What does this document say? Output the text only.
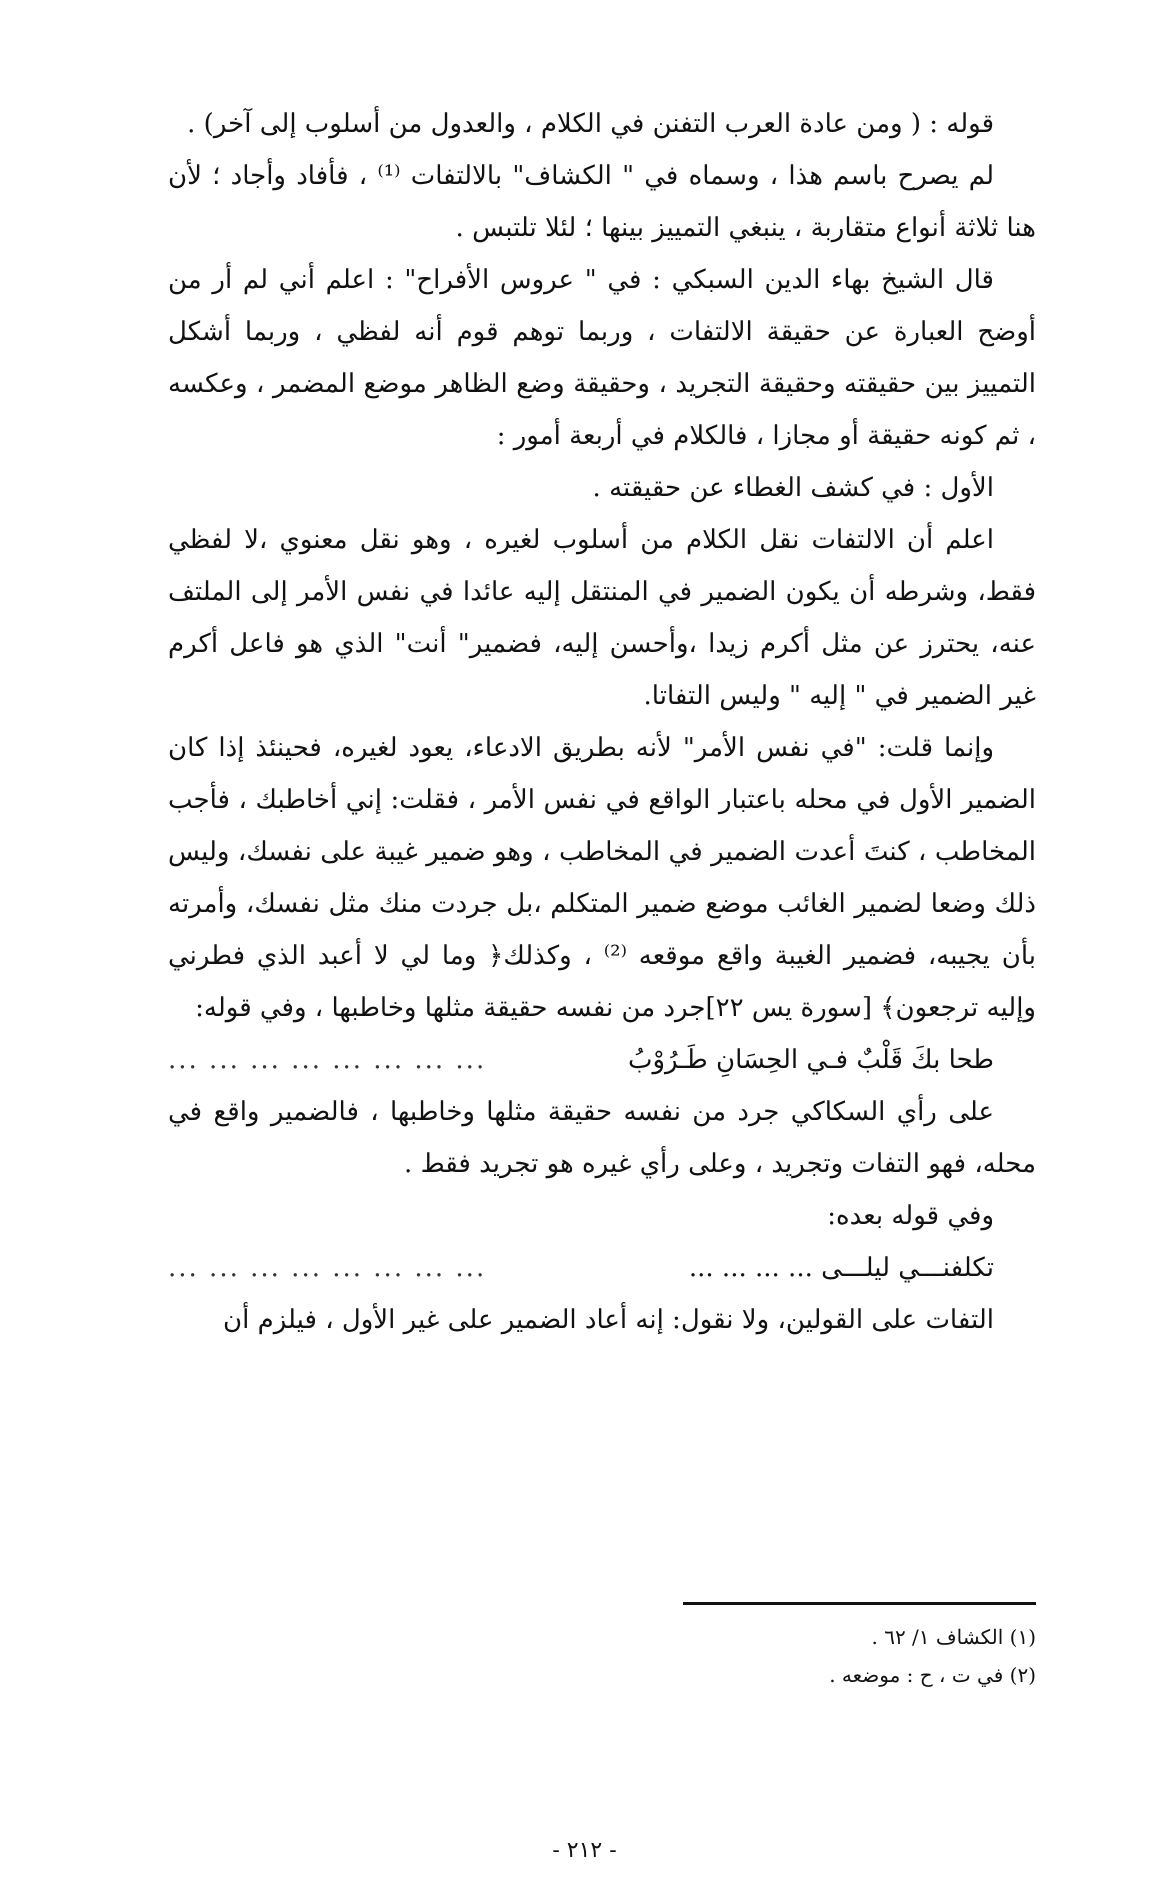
قوله : ( ومن عادة العرب التفنن في الكلام ، والعدول من أسلوب إلى آخر) .

لم يصرح باسم هذا ، وسماه في " الكشاف" بالالتفات ⁽¹⁾ ، فأفاد وأجاد ؛ لأن هنا ثلاثة أنواع متقاربة ، ينبغي التمييز بينها ؛ لئلا تلتبس .

قال الشيخ بهاء الدين السبكي : في " عروس الأفراح" : اعلم أني لم أر من أوضح العبارة عن حقيقة الالتفات ، وربما توهم قوم أنه لفظي ، وربما أشكل التمييز بين حقيقته وحقيقة التجريد ، وحقيقة وضع الظاهر موضع المضمر ، وعكسه ، ثم كونه حقيقة أو مجازا ، فالكلام في أربعة أمور :

الأول : في كشف الغطاء عن حقيقته .

اعلم أن الالتفات نقل الكلام من أسلوب لغيره ، وهو نقل معنوي ،لا لفظي فقط، وشرطه أن يكون الضمير في المنتقل إليه عائدا في نفس الأمر إلى الملتف عنه، يحترز عن مثل أكرم زيدا ،وأحسن إليه، فضمير" أنت" الذي هو فاعل أكرم غير الضمير في " إليه " وليس التفاتا.

وإنما قلت: "في نفس الأمر" لأنه بطريق الادعاء، يعود لغيره، فحينئذ إذا كان الضمير الأول في محله باعتبار الواقع في نفس الأمر ، فقلت: إني أخاطبك ، فأجب المخاطب ، كنتَ أعدت الضمير في المخاطب ، وهو ضمير غيبة على نفسك، وليس ذلك وضعا لضمير الغائب موضع ضمير المتكلم ،بل جردت منك مثل نفسك، وأمرته بأن يجيبه، فضمير الغيبة واقع موقعه ⁽²⁾ ، وكذلك﴿ وما لي لا أعبد الذي فطرني وإليه ترجعون﴾ [سورة يس ٢٢]جرد من نفسه حقيقة مثلها وخاطبها ، وفي قوله:

طحا بكَ قَلْبٌ فـي الحِسَانِ طَـرُوْبُ
... ... ... ... ... ... ... ...

على رأي السكاكي جرد من نفسه حقيقة مثلها وخاطبها ، فالضمير واقع في محله، فهو التفات وتجريد ، وعلى رأي غيره هو تجريد فقط .

وفي قوله بعده:

تكلفنـــي ليلـــى ... ... ... ...
... ... ... ... ... ... ... ...

التفات على القولين، ولا نقول: إنه أعاد الضمير على غير الأول ، فيلزم أن

(١) الكشاف ١/ ٦٢ .

(٢) في ت ، ح : موضعه .

- ٢١٢ -
